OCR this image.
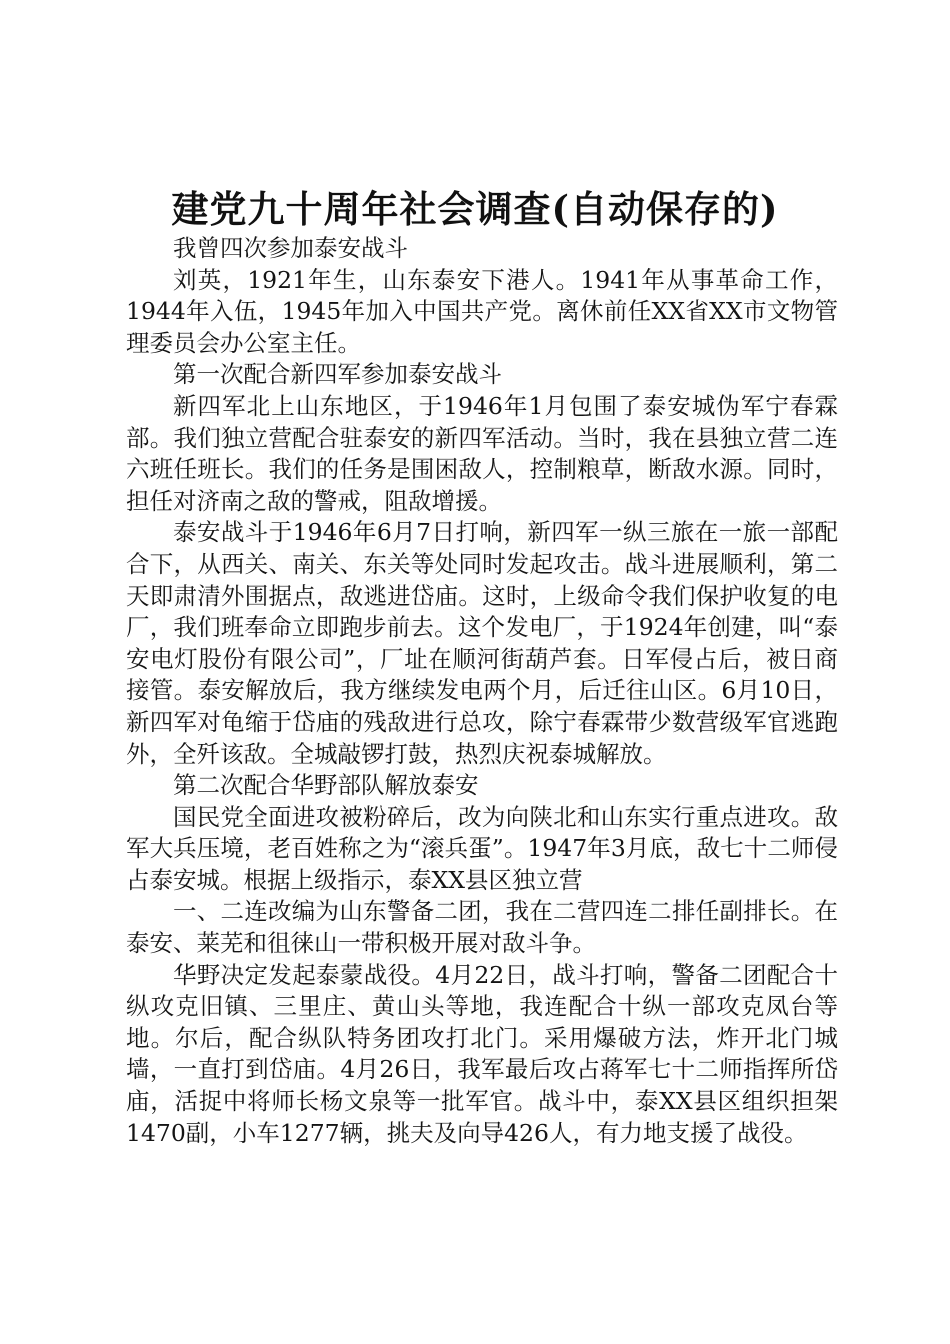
建党九十周年社会调查(自动保存的)

我曾四次参加泰安战斗

刘英，1921年生，山东泰安下港人。1941年从事革命工作，1944年入伍，1945年加入中国共产党。离休前任XX省XX市文物管理委员会办公室主任。

第一次配合新四军参加泰安战斗

新四军北上山东地区，于1946年1月包围了泰安城伪军宁春霖部。我们独立营配合驻泰安的新四军活动。当时，我在县独立营二连六班任班长。我们的任务是围困敌人，控制粮草，断敌水源。同时，担任对济南之敌的警戒，阻敌增援。

泰安战斗于1946年6月7日打响，新四军一纵三旅在一旅一部配合下，从西关、南关、东关等处同时发起攻击。战斗进展顺利，第二天即肃清外围据点，敌逃进岱庙。这时，上级命令我们保护收复的电厂，我们班奉命立即跑步前去。这个发电厂，于1924年创建，叫“泰安电灯股份有限公司”，厂址在顺河街葫芦套。日军侵占后，被日商接管。泰安解放后，我方继续发电两个月，后迁往山区。6月10日，新四军对龟缩于岱庙的残敌进行总攻，除宁春霖带少数营级军官逃跑外，全歼该敌。全城敲锣打鼓，热烈庆祝泰城解放。

第二次配合华野部队解放泰安

国民党全面进攻被粉碎后，改为向陕北和山东实行重点进攻。敌军大兵压境，老百姓称之为“滚兵蛋”。1947年3月底，敌七十二师侵占泰安城。根据上级指示，泰XX县区独立营

一、二连改编为山东警备二团，我在二营四连二排任副排长。在泰安、莱芜和徂徕山一带积极开展对敌斗争。

华野决定发起泰蒙战役。4月22日，战斗打响，警备二团配合十纵攻克旧镇、三里庄、黄山头等地，我连配合十纵一部攻克凤台等地。尔后，配合纵队特务团攻打北门。采用爆破方法，炸开北门城墙，一直打到岱庙。4月26日，我军最后攻占蒋军七十二师指挥所岱庙，活捉中将师长杨文泉等一批军官。战斗中，泰XX县区组织担架1470副，小车1277辆，挑夫及向导426人，有力地支援了战役。
